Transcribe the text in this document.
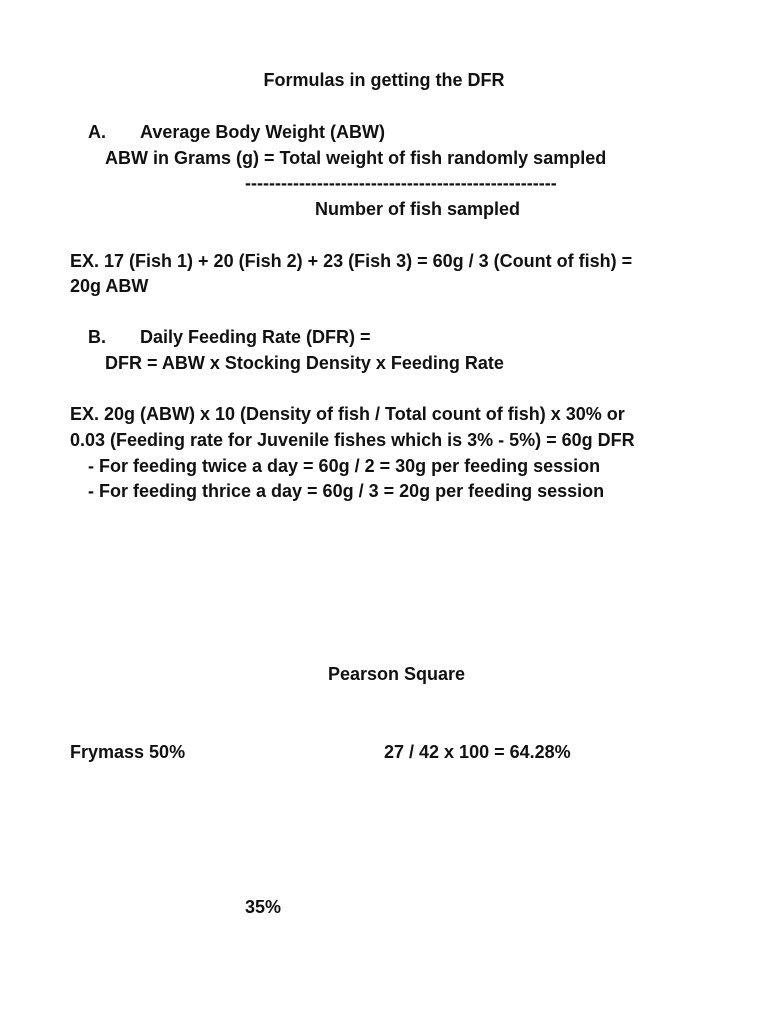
Formulas in getting the DFR
A. Average Body Weight (ABW)
ABW in Grams (g) = Total weight of fish randomly sampled
----------------------------------------------------
Number of fish sampled
EX. 17 (Fish 1) + 20 (Fish 2) + 23 (Fish 3) = 60g / 3 (Count of fish) =
20g ABW
B. Daily Feeding Rate (DFR) =
DFR = ABW x Stocking Density x Feeding Rate
EX. 20g (ABW) x 10 (Density of fish / Total count of fish) x 30% or
0.03 (Feeding rate for Juvenile fishes which is 3% - 5%) = 60g DFR
- For feeding twice a day = 60g / 2 = 30g per feeding session
- For feeding thrice a day = 60g / 3 = 20g per feeding session
Pearson Square
Frymass 50%	27 / 42 x 100 = 64.28%
35%
